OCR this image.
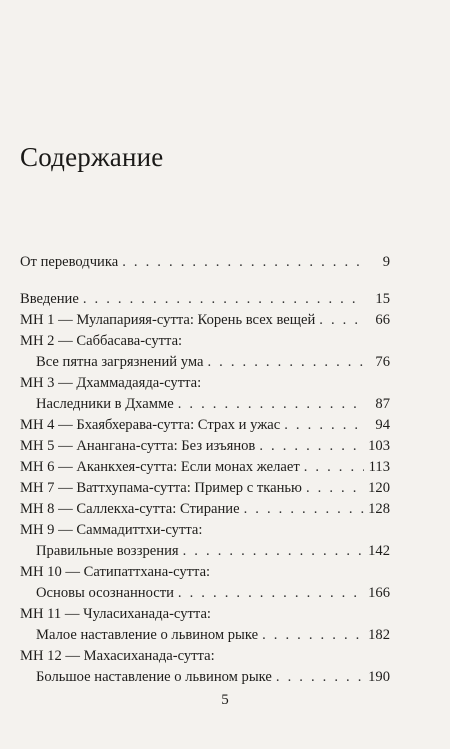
Содержание
От переводчика . . .	9
Введение . . .	15
МН 1 — Мулапарияя-сутта: Корень всех вещей . . .	66
МН 2 — Саббасава-сутта:
Все пятна загрязнений ума . . .	76
МН 3 — Дхаммадаяда-сутта:
Наследники в Дхамме . . .	87
МН 4 — Бхаябхерава-сутта: Страх и ужас . . .	94
МН 5 — Анангана-сутта: Без изъянов . . .	103
МН 6 — Аканкхея-сутта: Если монах желает . . .	113
МН 7 — Ваттхупама-сутта: Пример с тканью . . .	120
МН 8 — Саллекха-сутта: Стирание . . .	128
МН 9 — Саммадиттхи-сутта:
Правильные воззрения . . .	142
МН 10 — Сатипаттхана-сутта:
Основы осознанности . . .	166
МН 11 — Чуласиханада-сутта:
Малое наставление о львином рыке . . .	182
МН 12 — Махасиханада-сутта:
Большое наставление о львином рыке . . .	190
5
